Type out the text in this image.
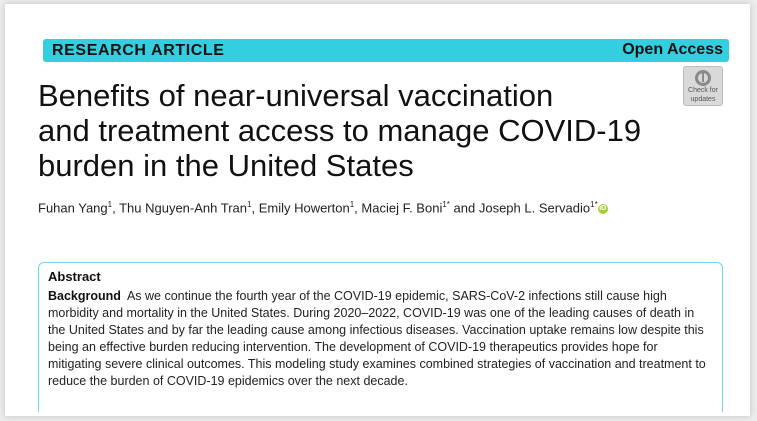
RESEARCH ARTICLE	Open Access
Check for
updates
Benefits of near-universal vaccination
and treatment access to manage COVID-19
burden in the United States
Fuhan Yang$^1$, Thu Nguyen-Anh Tran$^1$, Emily Howerton$^1$, Maciej F. Boni$^{1*}$ and Joseph L. Servadio$^{1*}$ iD
Abstract

Background As we continue the fourth year of the COVID-19 epidemic, SARS-CoV-2 infections still cause high morbidity and mortality in the United States. During 2020–2022, COVID-19 was one of the leading causes of death in the United States and by far the leading cause among infectious diseases. Vaccination uptake remains low despite this being an effective burden reducing intervention. The development of COVID-19 therapeutics provides hope for mitigating severe clinical outcomes. This modeling study examines combined strategies of vaccination and treatment to reduce the burden of COVID-19 epidemics over the next decade.
